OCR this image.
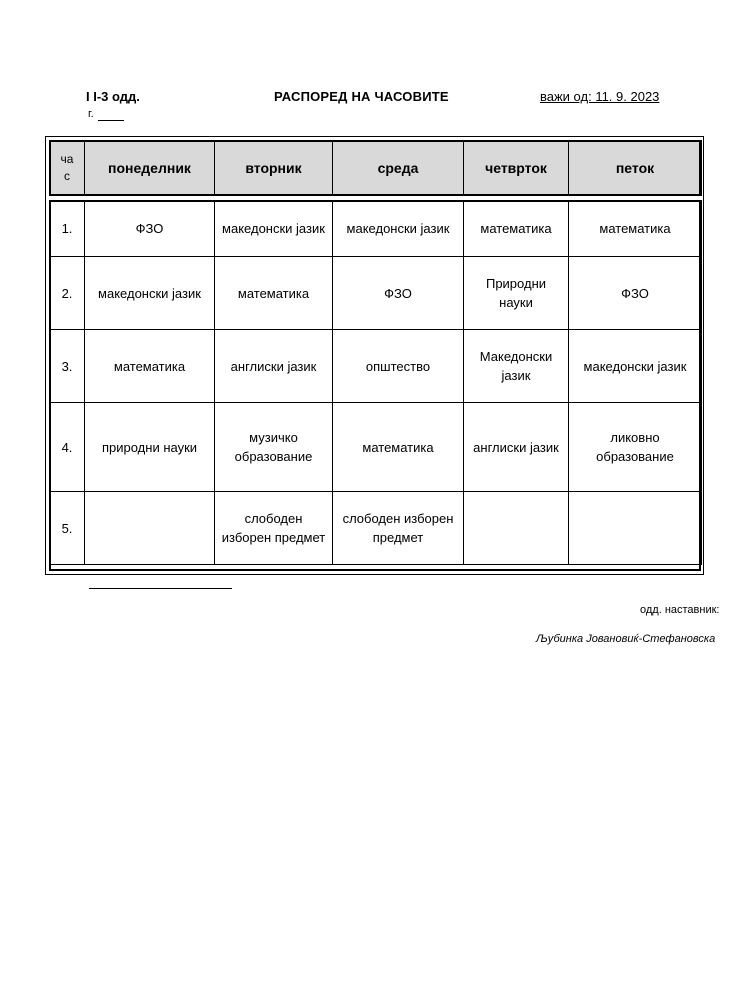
I I-3 одд.	РАСПОРЕД НА ЧАСОВИТЕ	важи од: 11. 9. 2023
г.
ча
с
	понеделник	вторник	среда	четврток	петок
1.	ФЗО	македонски јазик	македонски јазик	математика	математика
2.	македонски јазик	математика	ФЗО	Природни науки	ФЗО
3.	математика	англиски јазик	општество	Македонски јазик	македонски јазик
4.	природни науки	музичко образование	математика	англиски јазик	ликовно образование
5.		слободен изборен предмет	слободен изборен предмет		
одд. наставник:
Љубинка Јовановиќ-Стефановска
